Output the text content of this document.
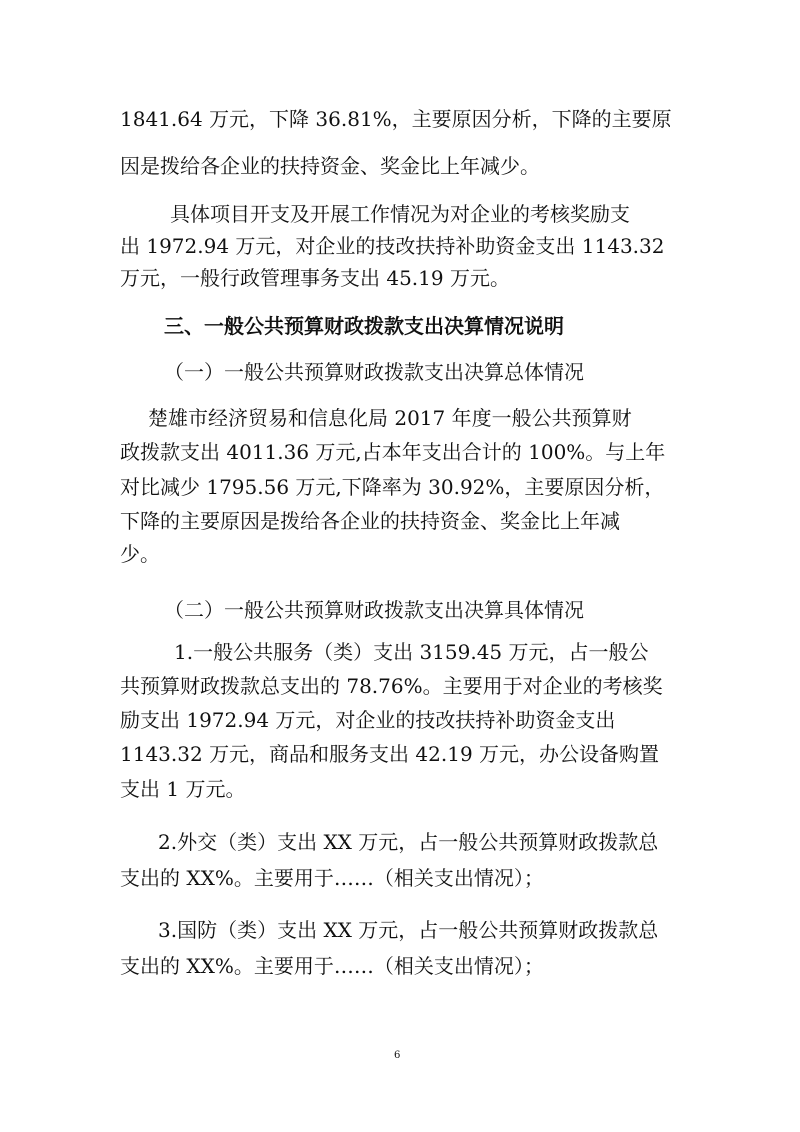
1841.64 万元，下降 36.81%，主要原因分析，下降的主要原

因是拨给各企业的扶持资金、奖金比上年减少。

具体项目开支及开展工作情况为对企业的考核奖励支

出 1972.94 万元，对企业的技改扶持补助资金支出 1143.32

万元，一般行政管理事务支出 45.19 万元。

三、一般公共预算财政拨款支出决算情况说明

（一）一般公共预算财政拨款支出决算总体情况

楚雄市经济贸易和信息化局 2017 年度一般公共预算财

政拨款支出 4011.36 万元,占本年支出合计的 100%。与上年

对比减少 1795.56 万元,下降率为 30.92%，主要原因分析，

下降的主要原因是拨给各企业的扶持资金、奖金比上年减

少。

（二）一般公共预算财政拨款支出决算具体情况

1.一般公共服务（类）支出 3159.45 万元，占一般公

共预算财政拨款总支出的 78.76%。主要用于对企业的考核奖

励支出 1972.94 万元，对企业的技改扶持补助资金支出

1143.32 万元，商品和服务支出 42.19 万元，办公设备购置

支出 1 万元。

2.外交（类）支出 XX 万元，占一般公共预算财政拨款总

支出的 XX%。主要用于……（相关支出情况）；

3.国防（类）支出 XX 万元，占一般公共预算财政拨款总

支出的 XX%。主要用于……（相关支出情况）；

6
